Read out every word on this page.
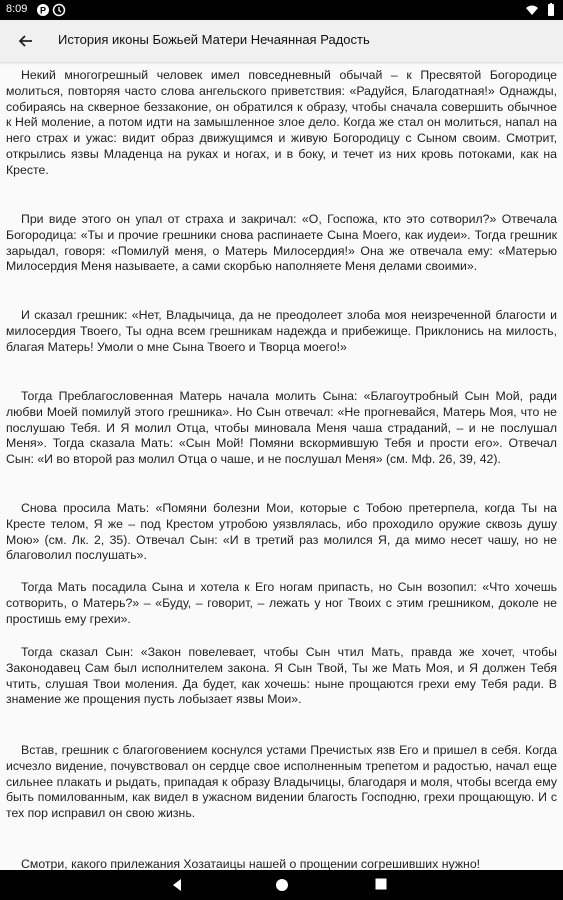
8:09 P
История иконы Божьей Матери Нечаянная Радость

Некий многогрешный человек имел повседневный обычай – к Пресвятой Богородице молиться, повторяя часто слова ангельского приветствия: «Радуйся, Благодатная!» Однажды, собираясь на скверное беззаконие, он обратился к образу, чтобы сначала совершить обычное к Ней моление, а потом идти на замышленное злое дело. Когда же стал он молиться, напал на него страх и ужас: видит образ движущимся и живую Богородицу с Сыном своим. Смотрит, открылись язвы Младенца на руках и ногах, и в боку, и течет из них кровь потоками, как на Кресте.

При виде этого он упал от страха и закричал: «О, Госпожа, кто это сотворил?» Отвечала Богородица: «Ты и прочие грешники снова распинаете Сына Моего, как иудеи». Тогда грешник зарыдал, говоря: «Помилуй меня, о Матерь Милосердия!» Она же отвечала ему: «Матерью Милосердия Меня называете, а сами скорбью наполняете Меня делами своими».

И сказал грешник: «Нет, Владычица, да не преодолеет злоба моя неизреченной благости и милосердия Твоего, Ты одна всем грешникам надежда и прибежище. Приклонись на милость, благая Матерь! Умоли о мне Сына Твоего и Творца моего!»

Тогда Преблагословенная Матерь начала молить Сына: «Благоутробный Сын Мой, ради любви Моей помилуй этого грешника». Но Сын отвечал: «Не прогневайся, Матерь Моя, что не послушаю Тебя. И Я молил Отца, чтобы миновала Меня чаша страданий, – и не послушал Меня». Тогда сказала Мать: «Сын Мой! Помяни вскормившую Тебя и прости его». Отвечал Сын: «И во второй раз молил Отца о чаше, и не послушал Меня» (см. Мф. 26, 39, 42).

Снова просила Мать: «Помяни болезни Мои, которые с Тобою претерпела, когда Ты на Кресте телом, Я же – под Крестом утробою уязвлялась, ибо проходило оружие сквозь душу Мою» (см. Лк. 2, 35). Отвечал Сын: «И в третий раз молился Я, да мимо несет чашу, но не благоволил послушать».

Тогда Мать посадила Сына и хотела к Его ногам припасть, но Сын возопил: «Что хочешь сотворить, о Матерь?» – «Буду, – говорит, – лежать у ног Твоих с этим грешником, доколе не простишь ему грехи».

Тогда сказал Сын: «Закон повелевает, чтобы Сын чтил Мать, правда же хочет, чтобы Законодавец Сам был исполнителем закона. Я Сын Твой, Ты же Мать Моя, и Я должен Тебя чтить, слушая Твои моления. Да будет, как хочешь: ныне прощаются грехи ему Тебя ради. В знамение же прощения пусть лобызает язвы Мои».

Встав, грешник с благоговением коснулся устами Пречистых язв Его и пришел в себя. Когда исчезло видение, почувствовал он сердце свое исполненным трепетом и радостью, начал еще сильнее плакать и рыдать, припадая к образу Владычицы, благодаря и моля, чтобы всегда ему быть помилованным, как видел в ужасном видении благость Господню, грехи прощающую. И с тех пор исправил он свою жизнь.

Смотри, какого прилежания Хозатаицы нашей о прощении согрешивших нужно!
